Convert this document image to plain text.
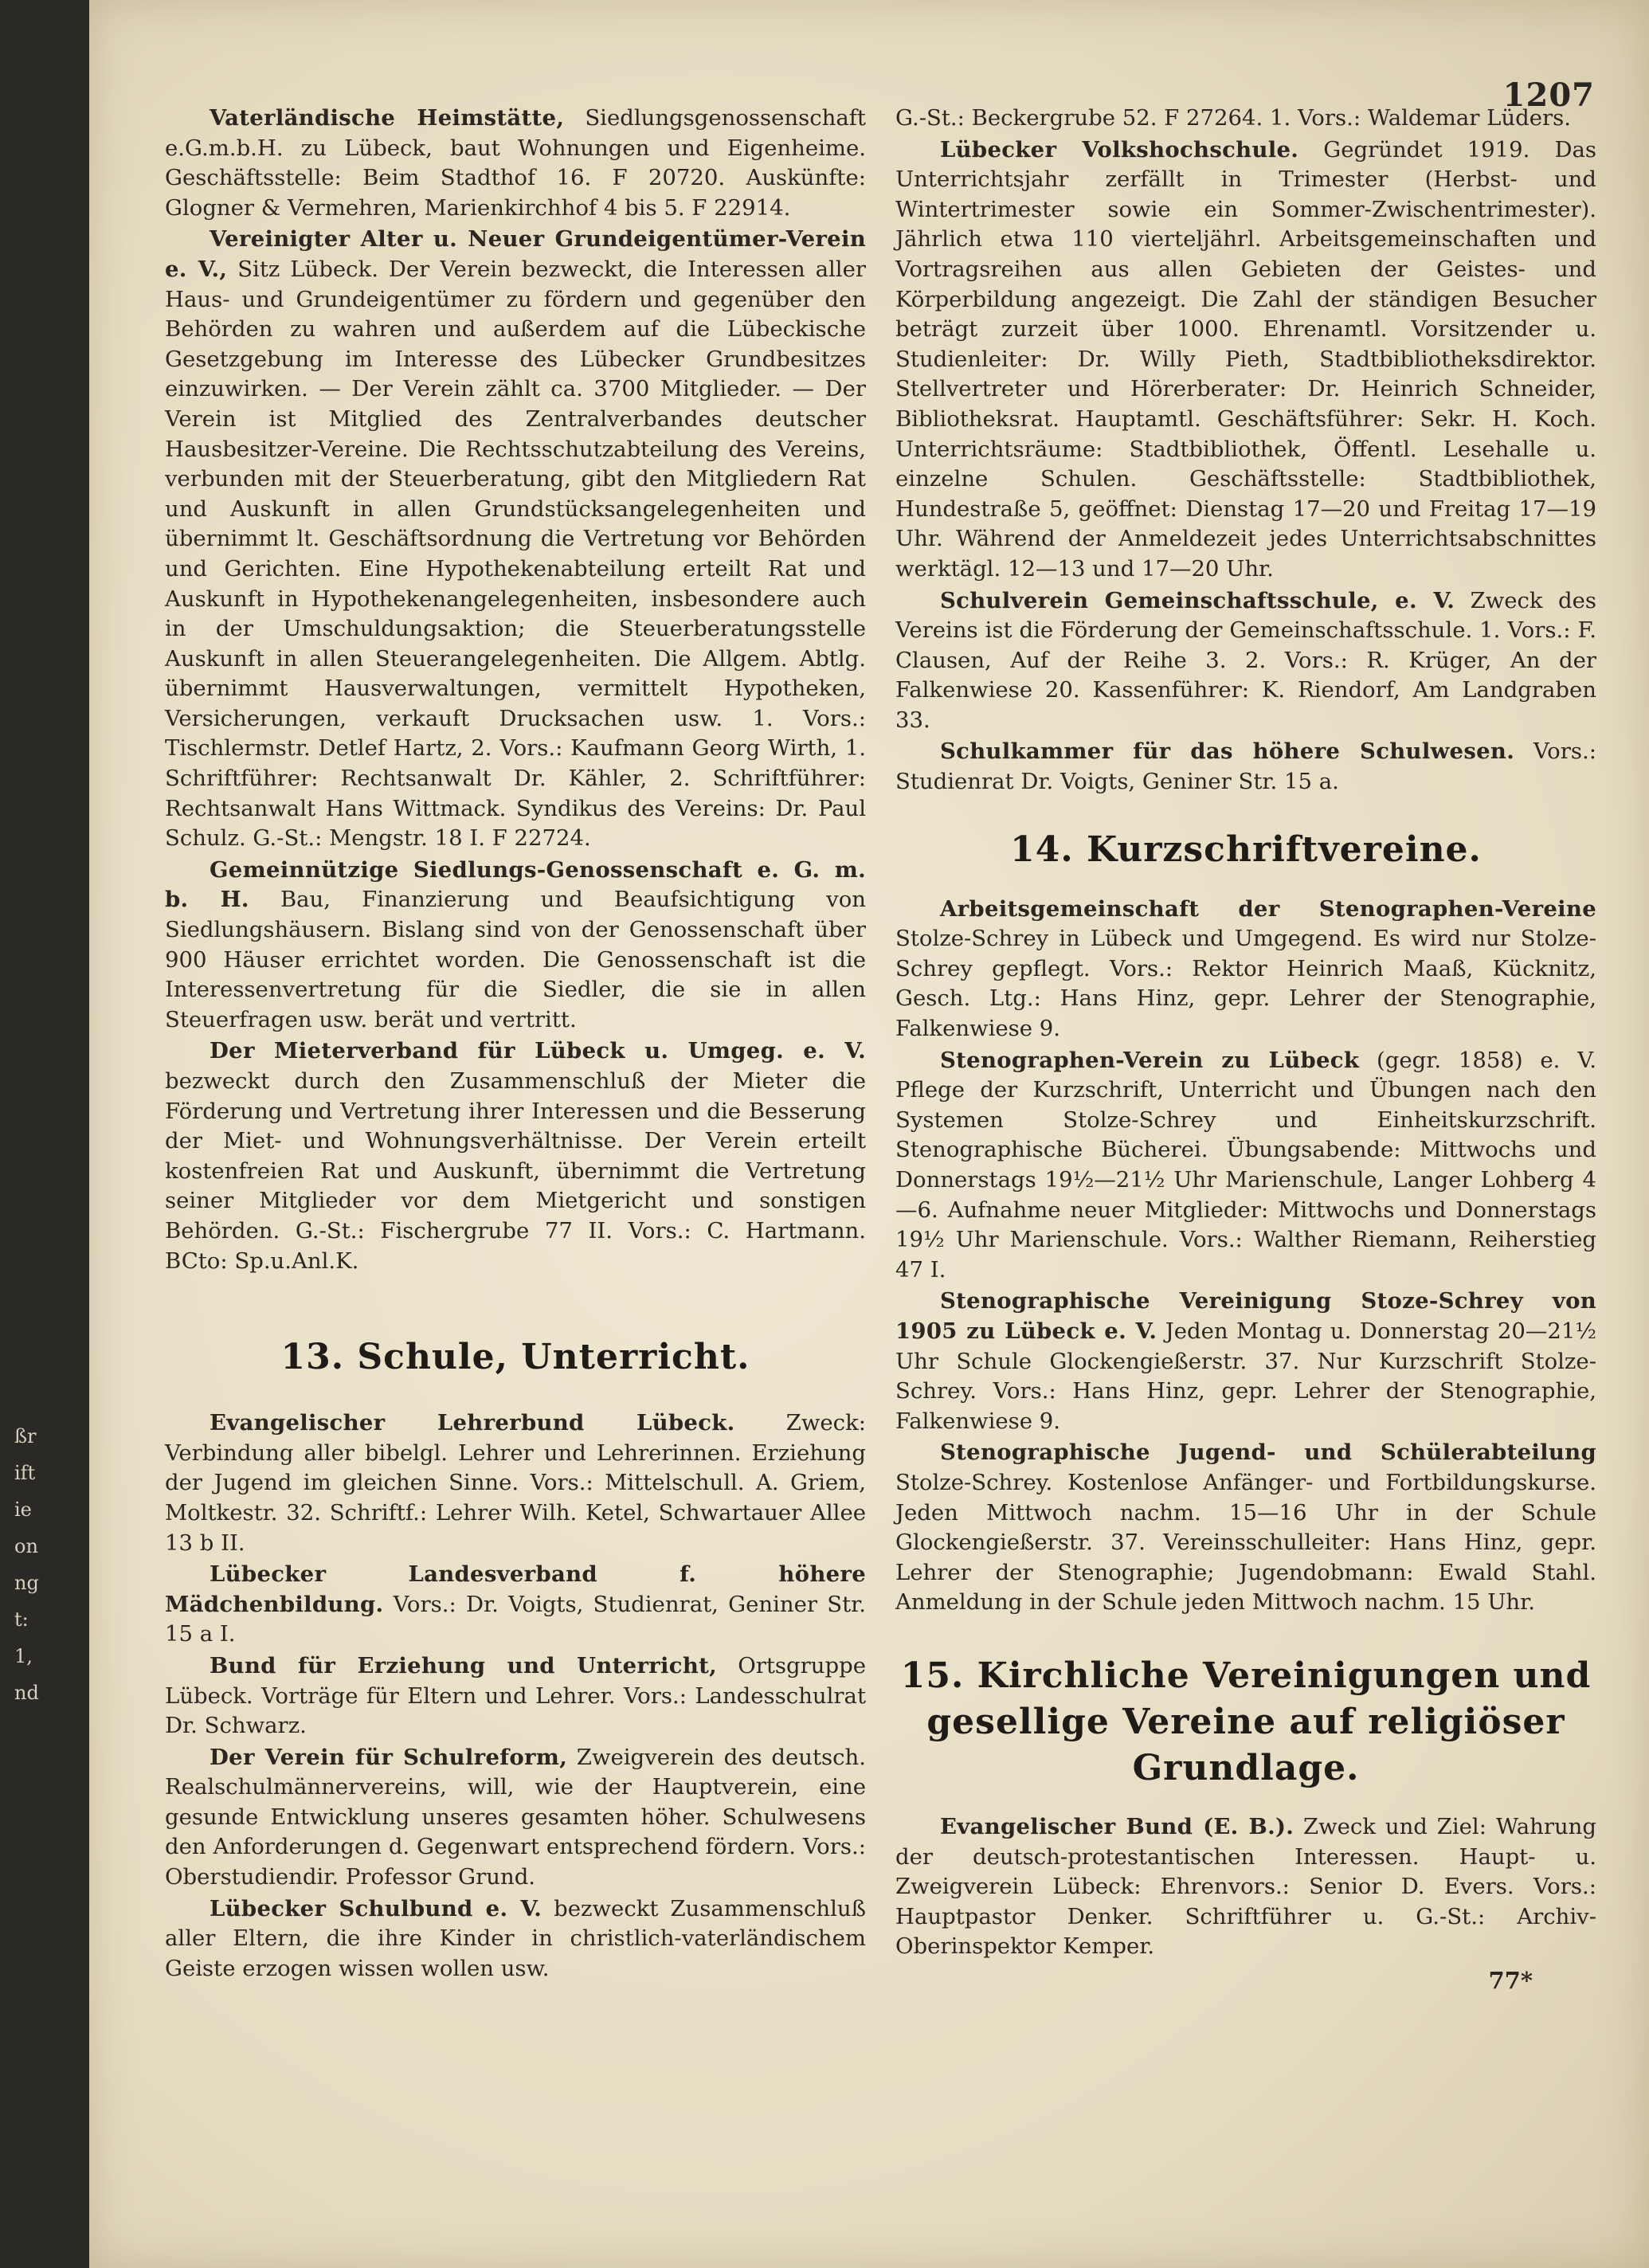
ßr
ift
ie
on
ng
t:
1,
nd
1207

Vaterländische Heimstätte, Siedlungsgenossenschaft e.G.m.b.H. zu Lübeck, baut Wohnungen und Eigenheime. Geschäftsstelle: Beim Stadthof 16. F 20720. Auskünfte: Glogner & Vermehren, Marienkirchhof 4 bis 5. F 22914.

Vereinigter Alter u. Neuer Grundeigentümer-Verein e. V., Sitz Lübeck. Der Verein bezweckt, die Interessen aller Haus- und Grundeigentümer zu fördern und gegenüber den Behörden zu wahren und außerdem auf die Lübeckische Gesetzgebung im Interesse des Lübecker Grundbesitzes einzuwirken. — Der Verein zählt ca. 3700 Mitglieder. — Der Verein ist Mitglied des Zentralverbandes deutscher Hausbesitzer-Vereine. Die Rechtsschutzabteilung des Vereins, verbunden mit der Steuerberatung, gibt den Mitgliedern Rat und Auskunft in allen Grundstücksangelegenheiten und übernimmt lt. Geschäftsordnung die Vertretung vor Behörden und Gerichten. Eine Hypothekenabteilung erteilt Rat und Auskunft in Hypothekenangelegenheiten, insbesondere auch in der Umschuldungsaktion; die Steuerberatungsstelle Auskunft in allen Steuerangelegenheiten. Die Allgem. Abtlg. übernimmt Hausverwaltungen, vermittelt Hypotheken, Versicherungen, verkauft Drucksachen usw. 1. Vors.: Tischlermstr. Detlef Hartz, 2. Vors.: Kaufmann Georg Wirth, 1. Schriftführer: Rechtsanwalt Dr. Kähler, 2. Schriftführer: Rechtsanwalt Hans Wittmack. Syndikus des Vereins: Dr. Paul Schulz. G.-St.: Mengstr. 18 I. F 22724.

Gemeinnützige Siedlungs-Genossenschaft e. G. m. b. H. Bau, Finanzierung und Beaufsichtigung von Siedlungshäusern. Bislang sind von der Genossenschaft über 900 Häuser errichtet worden. Die Genossenschaft ist die Interessenvertretung für die Siedler, die sie in allen Steuerfragen usw. berät und vertritt.

Der Mieterverband für Lübeck u. Umgeg. e. V. bezweckt durch den Zusammenschluß der Mieter die Förderung und Vertretung ihrer Interessen und die Besserung der Miet- und Wohnungsverhältnisse. Der Verein erteilt kostenfreien Rat und Auskunft, übernimmt die Vertretung seiner Mitglieder vor dem Mietgericht und sonstigen Behörden. G.-St.: Fischergrube 77 II. Vors.: C. Hartmann. BCto: Sp.u.Anl.K.

13. Schule, Unterricht.

Evangelischer Lehrerbund Lübeck. Zweck: Verbindung aller bibelgl. Lehrer und Lehrerinnen. Erziehung der Jugend im gleichen Sinne. Vors.: Mittelschull. A. Griem, Moltkestr. 32. Schriftf.: Lehrer Wilh. Ketel, Schwartauer Allee 13 b II.

Lübecker Landesverband f. höhere Mädchenbildung. Vors.: Dr. Voigts, Studienrat, Geniner Str. 15 a I.

Bund für Erziehung und Unterricht, Ortsgruppe Lübeck. Vorträge für Eltern und Lehrer. Vors.: Landesschulrat Dr. Schwarz.

Der Verein für Schulreform, Zweigverein des deutsch. Realschulmännervereins, will, wie der Hauptverein, eine gesunde Entwicklung unseres gesamten höher. Schulwesens den Anforderungen d. Gegenwart entsprechend fördern. Vors.: Oberstudiendir. Professor Grund.

Lübecker Schulbund e. V. bezweckt Zusammenschluß aller Eltern, die ihre Kinder in christlich-vaterländischem Geiste erzogen wissen wollen usw.

G.-St.: Beckergrube 52. F 27264. 1. Vors.: Waldemar Lüders.

Lübecker Volkshochschule. Gegründet 1919. Das Unterrichtsjahr zerfällt in Trimester (Herbst- und Wintertrimester sowie ein Sommer-Zwischentrimester). Jährlich etwa 110 vierteljährl. Arbeitsgemeinschaften und Vortragsreihen aus allen Gebieten der Geistes- und Körperbildung angezeigt. Die Zahl der ständigen Besucher beträgt zurzeit über 1000. Ehrenamtl. Vorsitzender u. Studienleiter: Dr. Willy Pieth, Stadtbibliotheksdirektor. Stellvertreter und Hörerberater: Dr. Heinrich Schneider, Bibliotheksrat. Hauptamtl. Geschäftsführer: Sekr. H. Koch. Unterrichtsräume: Stadtbibliothek, Öffentl. Lesehalle u. einzelne Schulen. Geschäftsstelle: Stadtbibliothek, Hundestraße 5, geöffnet: Dienstag 17—20 und Freitag 17—19 Uhr. Während der Anmeldezeit jedes Unterrichtsabschnittes werktägl. 12—13 und 17—20 Uhr.

Schulverein Gemeinschaftsschule, e. V. Zweck des Vereins ist die Förderung der Gemeinschaftsschule. 1. Vors.: F. Clausen, Auf der Reihe 3. 2. Vors.: R. Krüger, An der Falkenwiese 20. Kassenführer: K. Riendorf, Am Landgraben 33.

Schulkammer für das höhere Schulwesen. Vors.: Studienrat Dr. Voigts, Geniner Str. 15 a.

14. Kurzschriftvereine.

Arbeitsgemeinschaft der Stenographen-Vereine Stolze-Schrey in Lübeck und Umgegend. Es wird nur Stolze-Schrey gepflegt. Vors.: Rektor Heinrich Maaß, Kücknitz, Gesch. Ltg.: Hans Hinz, gepr. Lehrer der Stenographie, Falkenwiese 9.

Stenographen-Verein zu Lübeck (gegr. 1858) e. V. Pflege der Kurzschrift, Unterricht und Übungen nach den Systemen Stolze-Schrey und Einheitskurzschrift. Stenographische Bücherei. Übungsabende: Mittwochs und Donnerstags 19½—21½ Uhr Marienschule, Langer Lohberg 4—6. Aufnahme neuer Mitglieder: Mittwochs und Donnerstags 19½ Uhr Marienschule. Vors.: Walther Riemann, Reiherstieg 47 I.

Stenographische Vereinigung Stoze-Schrey von 1905 zu Lübeck e. V. Jeden Montag u. Donnerstag 20—21½ Uhr Schule Glockengießerstr. 37. Nur Kurzschrift Stolze-Schrey. Vors.: Hans Hinz, gepr. Lehrer der Stenographie, Falkenwiese 9.

Stenographische Jugend- und Schülerabteilung Stolze-Schrey. Kostenlose Anfänger- und Fortbildungskurse. Jeden Mittwoch nachm. 15—16 Uhr in der Schule Glockengießerstr. 37. Vereinsschulleiter: Hans Hinz, gepr. Lehrer der Stenographie; Jugendobmann: Ewald Stahl. Anmeldung in der Schule jeden Mittwoch nachm. 15 Uhr.

15. Kirchliche Vereinigungen und gesellige Vereine auf religiöser Grundlage.

Evangelischer Bund (E. B.). Zweck und Ziel: Wahrung der deutsch-protestantischen Interessen. Haupt- u. Zweigverein Lübeck: Ehrenvors.: Senior D. Evers. Vors.: Hauptpastor Denker. Schriftführer u. G.-St.: Archiv-Oberinspektor Kemper.

77*
